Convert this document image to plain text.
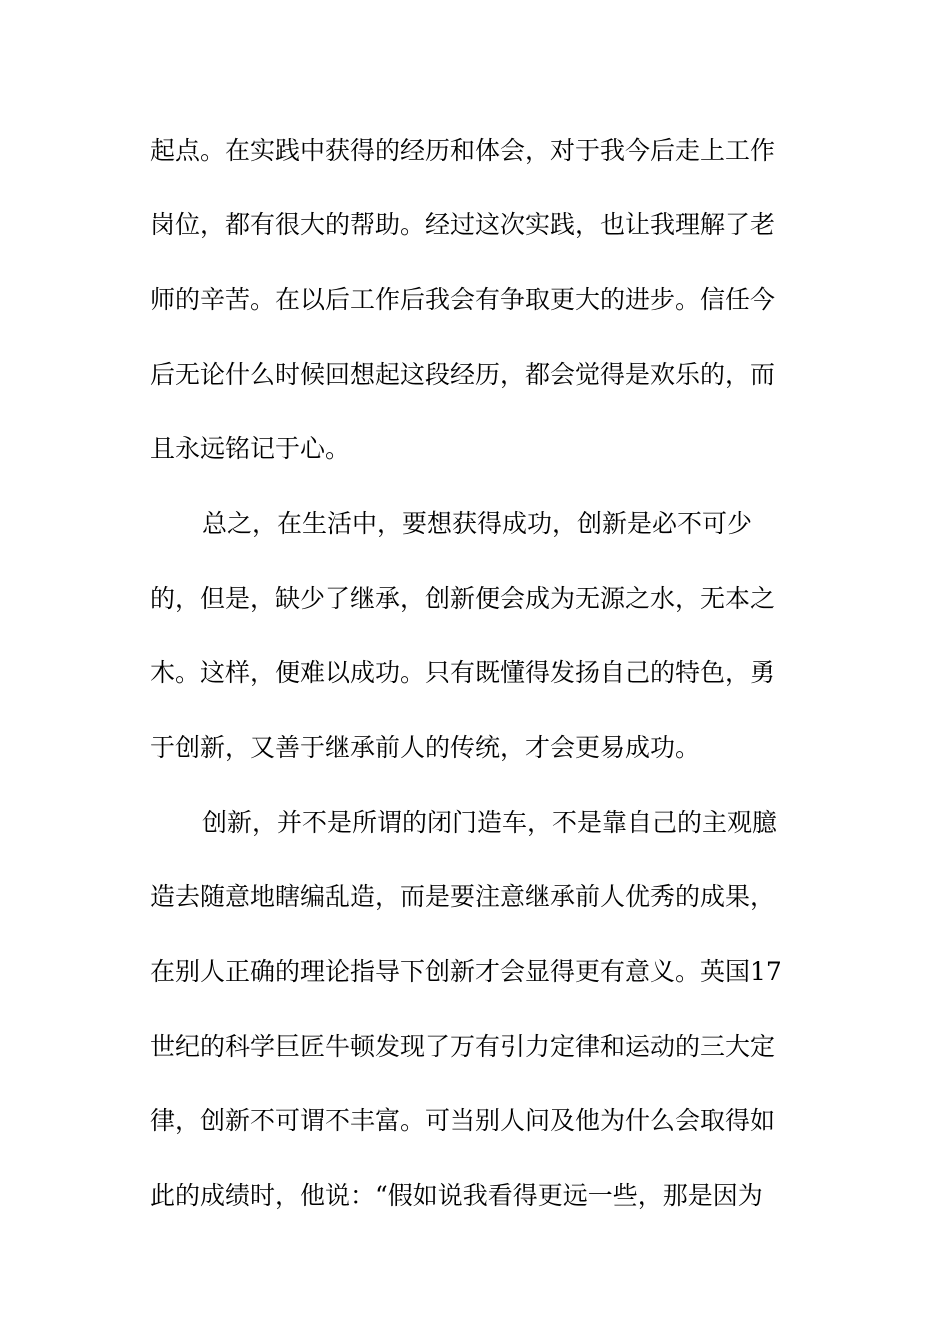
起点。在实践中获得的经历和体会，对于我今后走上工作
岗位，都有很大的帮助。经过这次实践，也让我理解了老
师的辛苦。在以后工作后我会有争取更大的进步。信任今
后无论什么时候回想起这段经历，都会觉得是欢乐的，而
且永远铭记于心。
总之，在生活中，要想获得成功，创新是必不可少
的，但是，缺少了继承，创新便会成为无源之水，无本之
木。这样，便难以成功。只有既懂得发扬自己的特色，勇
于创新，又善于继承前人的传统，才会更易成功。
创新，并不是所谓的闭门造车，不是靠自己的主观臆
造去随意地瞎编乱造，而是要注意继承前人优秀的成果，
在别人正确的理论指导下创新才会显得更有意义。英国17
世纪的科学巨匠牛顿发现了万有引力定律和运动的三大定
律，创新不可谓不丰富。可当别人问及他为什么会取得如
此的成绩时，他说：“假如说我看得更远一些，那是因为
